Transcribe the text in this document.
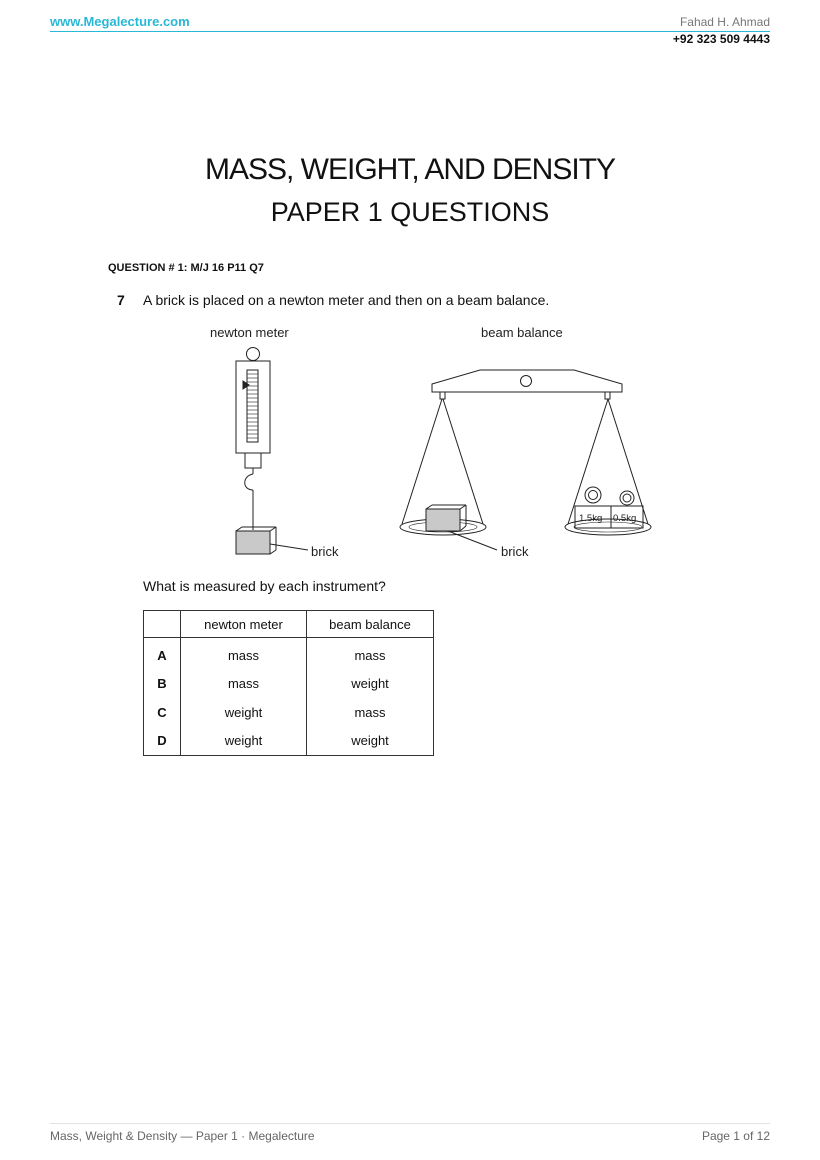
www.Megalecture.com	Fahad H. Ahmad
+92 323 509 4443
MASS, WEIGHT, AND DENSITY
PAPER 1 QUESTIONS
QUESTION # 1: M/J 16 P11 Q7
7 A brick is placed on a newton meter and then on a beam balance.
newton meter
brick
beam balance
brick
1.5kg 0.5kg
What is measured by each instrument?
	newton meter	beam balance
A	mass	mass
B	mass	weight
C	weight	mass
D	weight	weight
Mass, Weight & Density — Paper 1 · Megalecture	Page 1 of 12
